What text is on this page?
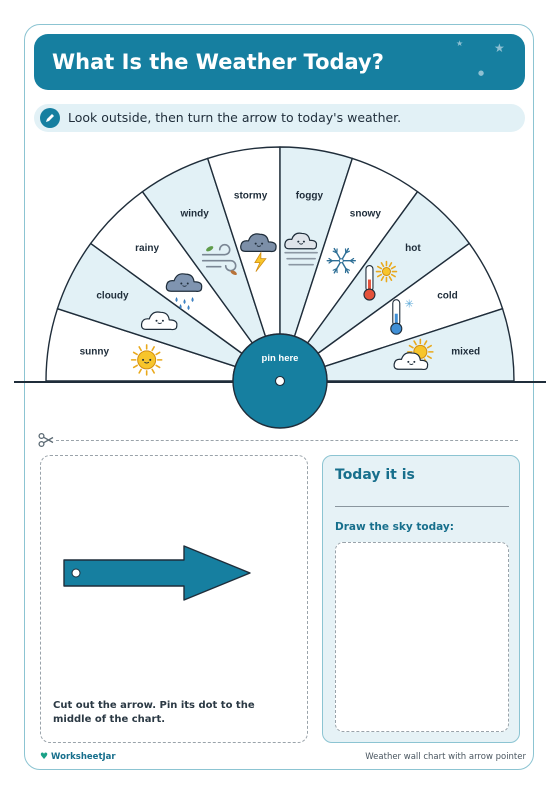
What Is the Weather Today?
★	★
●
Look outside, then turn the arrow to today's weather.
sunny
cloudy
rainy
windy
stormy	foggy
snowy
hot
cold
✳
mixed
pin here
Cut out the arrow. Pin its dot to the middle of the chart.
Today it is
Draw the sky today:
♥ WorksheetJar	Weather wall chart with arrow pointer
